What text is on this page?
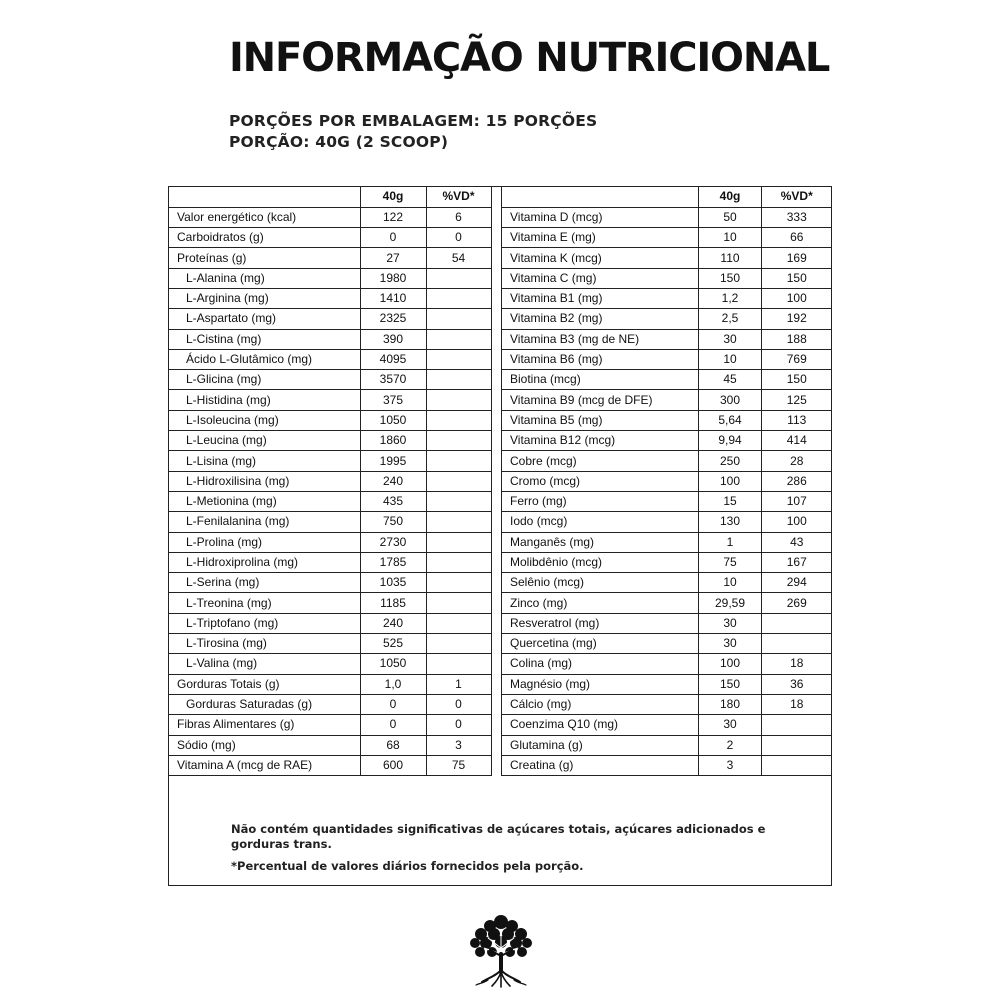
INFORMAÇÃO NUTRICIONAL
PORÇÕES POR EMBALAGEM: 15 PORÇÕES
PORÇÃO: 40G (2 SCOOP)
	40g	%VD*
Valor energético (kcal)	122	6
Carboidratos (g)	0	0
Proteínas (g)	27	54
L-Alanina (mg)	1980	
L-Arginina (mg)	1410	
L-Aspartato (mg)	2325	
L-Cistina (mg)	390	
Ácido L-Glutâmico (mg)	4095	
L-Glicina (mg)	3570	
L-Histidina (mg)	375	
L-Isoleucina (mg)	1050	
L-Leucina (mg)	1860	
L-Lisina (mg)	1995	
L-Hidroxilisina (mg)	240	
L-Metionina (mg)	435	
L-Fenilalanina (mg)	750	
L-Prolina (mg)	2730	
L-Hidroxiprolina (mg)	1785	
L-Serina (mg)	1035	
L-Treonina (mg)	1185	
L-Triptofano (mg)	240	
L-Tirosina (mg)	525	
L-Valina (mg)	1050	
Gorduras Totais (g)	1,0	1
Gorduras Saturadas (g)	0	0
Fibras Alimentares (g)	0	0
Sódio (mg)	68	3
Vitamina A (mcg de RAE)	600	75
	40g	%VD*
Vitamina D (mcg)	50	333
Vitamina E (mg)	10	66
Vitamina K (mcg)	110	169
Vitamina C (mg)	150	150
Vitamina B1 (mg)	1,2	100
Vitamina B2 (mg)	2,5	192
Vitamina B3 (mg de NE)	30	188
Vitamina B6 (mg)	10	769
Biotina (mcg)	45	150
Vitamina B9 (mcg de DFE)	300	125
Vitamina B5 (mg)	5,64	113
Vitamina B12 (mcg)	9,94	414
Cobre (mcg)	250	28
Cromo (mcg)	100	286
Ferro (mg)	15	107
Iodo (mcg)	130	100
Manganês (mg)	1	43
Molibdênio (mcg)	75	167
Selênio (mcg)	10	294
Zinco (mg)	29,59	269
Resveratrol (mg)	30	
Quercetina (mg)	30	
Colina (mg)	100	18
Magnésio (mg)	150	36
Cálcio (mg)	180	18
Coenzima Q10 (mg)	30	
Glutamina (g)	2	
Creatina (g)	3	

Não contém quantidades significativas de açúcares totais, açúcares adicionados e gorduras trans.

*Percentual de valores diários fornecidos pela porção.
